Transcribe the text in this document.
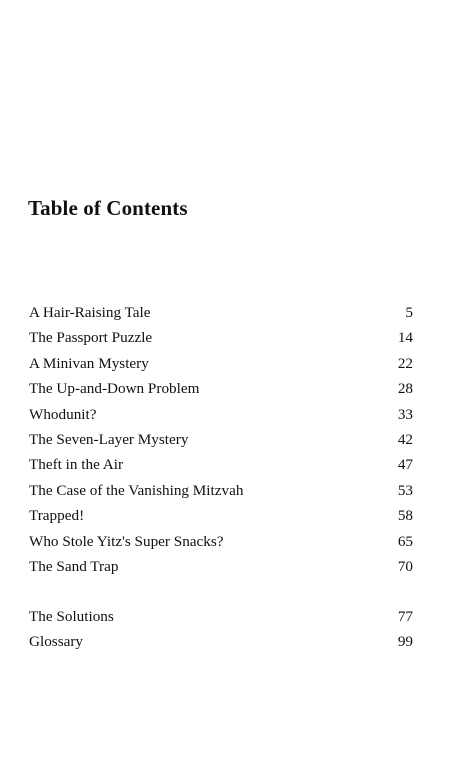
Table of Contents
A Hair-Raising Tale	5
The Passport Puzzle	14
A Minivan Mystery	22
The Up-and-Down Problem	28
Whodunit?	33
The Seven-Layer Mystery	42
Theft in the Air	47
The Case of the Vanishing Mitzvah	53
Trapped!	58
Who Stole Yitz's Super Snacks?	65
The Sand Trap	70
The Solutions	77
Glossary	99
